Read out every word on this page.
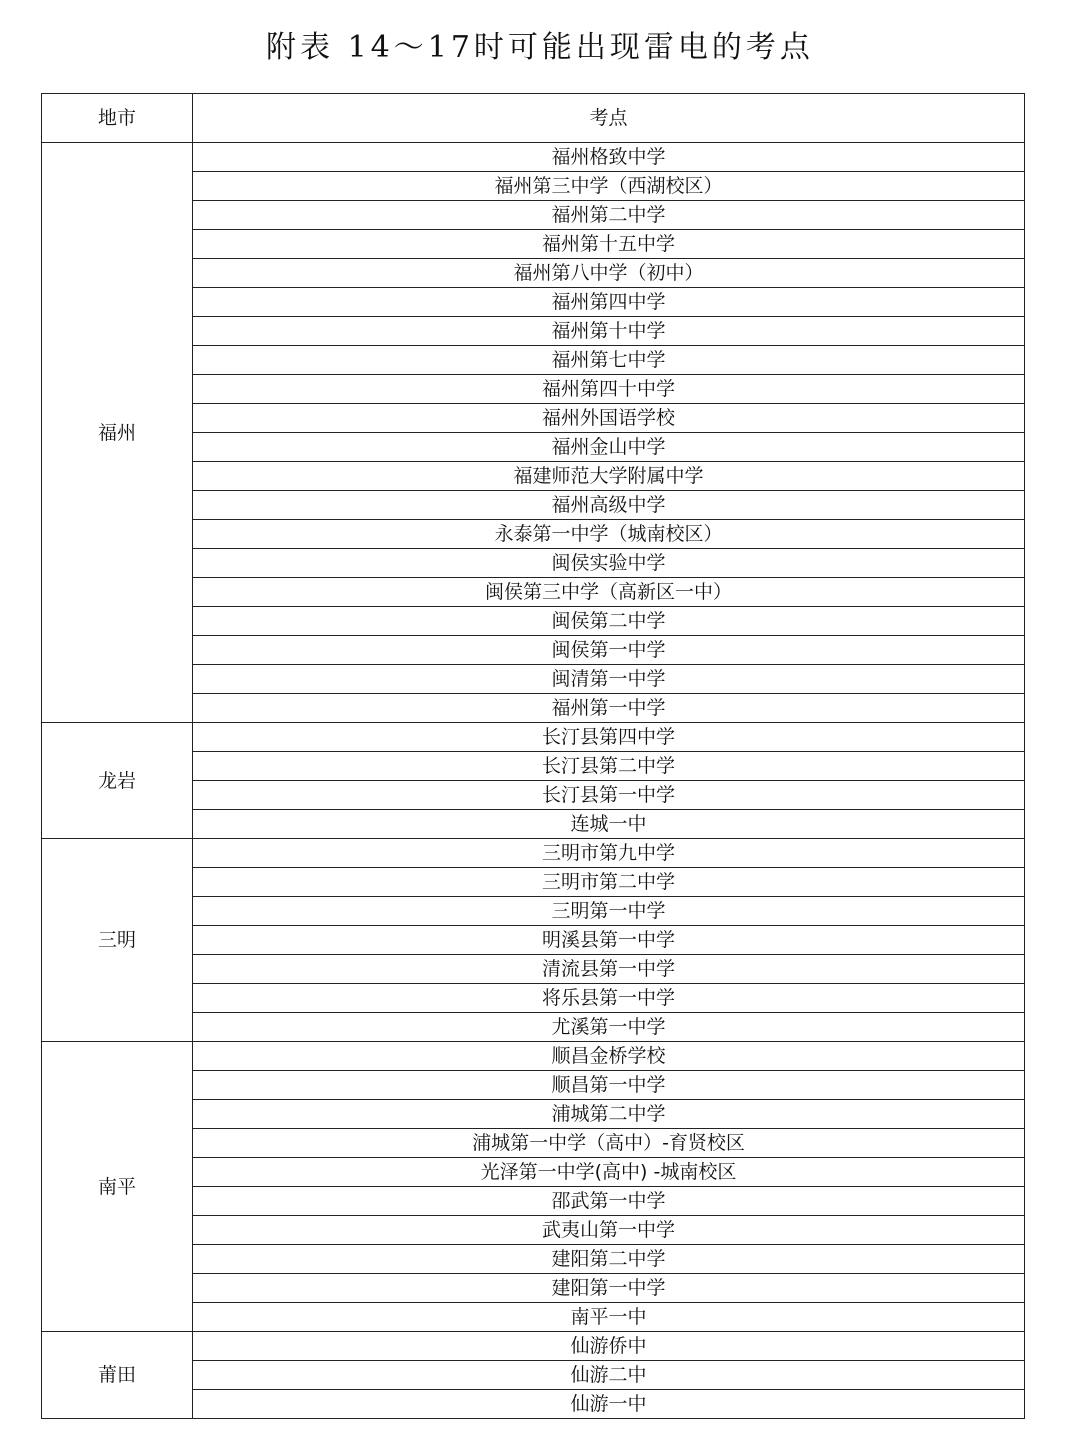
附表 14～17时可能出现雷电的考点
地市	考点
福州	福州格致中学
	福州第三中学（西湖校区）
	福州第二中学
	福州第十五中学
	福州第八中学（初中）
	福州第四中学
	福州第十中学
	福州第七中学
	福州第四十中学
	福州外国语学校
	福州金山中学
	福建师范大学附属中学
	福州高级中学
	永泰第一中学（城南校区）
	闽侯实验中学
	闽侯第三中学（高新区一中）
	闽侯第二中学
	闽侯第一中学
	闽清第一中学
	福州第一中学
龙岩	长汀县第四中学
	长汀县第二中学
	长汀县第一中学
	连城一中
三明	三明市第九中学
	三明市第二中学
	三明第一中学
	明溪县第一中学
	清流县第一中学
	将乐县第一中学
	尤溪第一中学
南平	顺昌金桥学校
	顺昌第一中学
	浦城第二中学
	浦城第一中学（高中）-育贤校区
	光泽第一中学(高中) -城南校区
	邵武第一中学
	武夷山第一中学
	建阳第二中学
	建阳第一中学
	南平一中
莆田	仙游侨中
	仙游二中
	仙游一中
